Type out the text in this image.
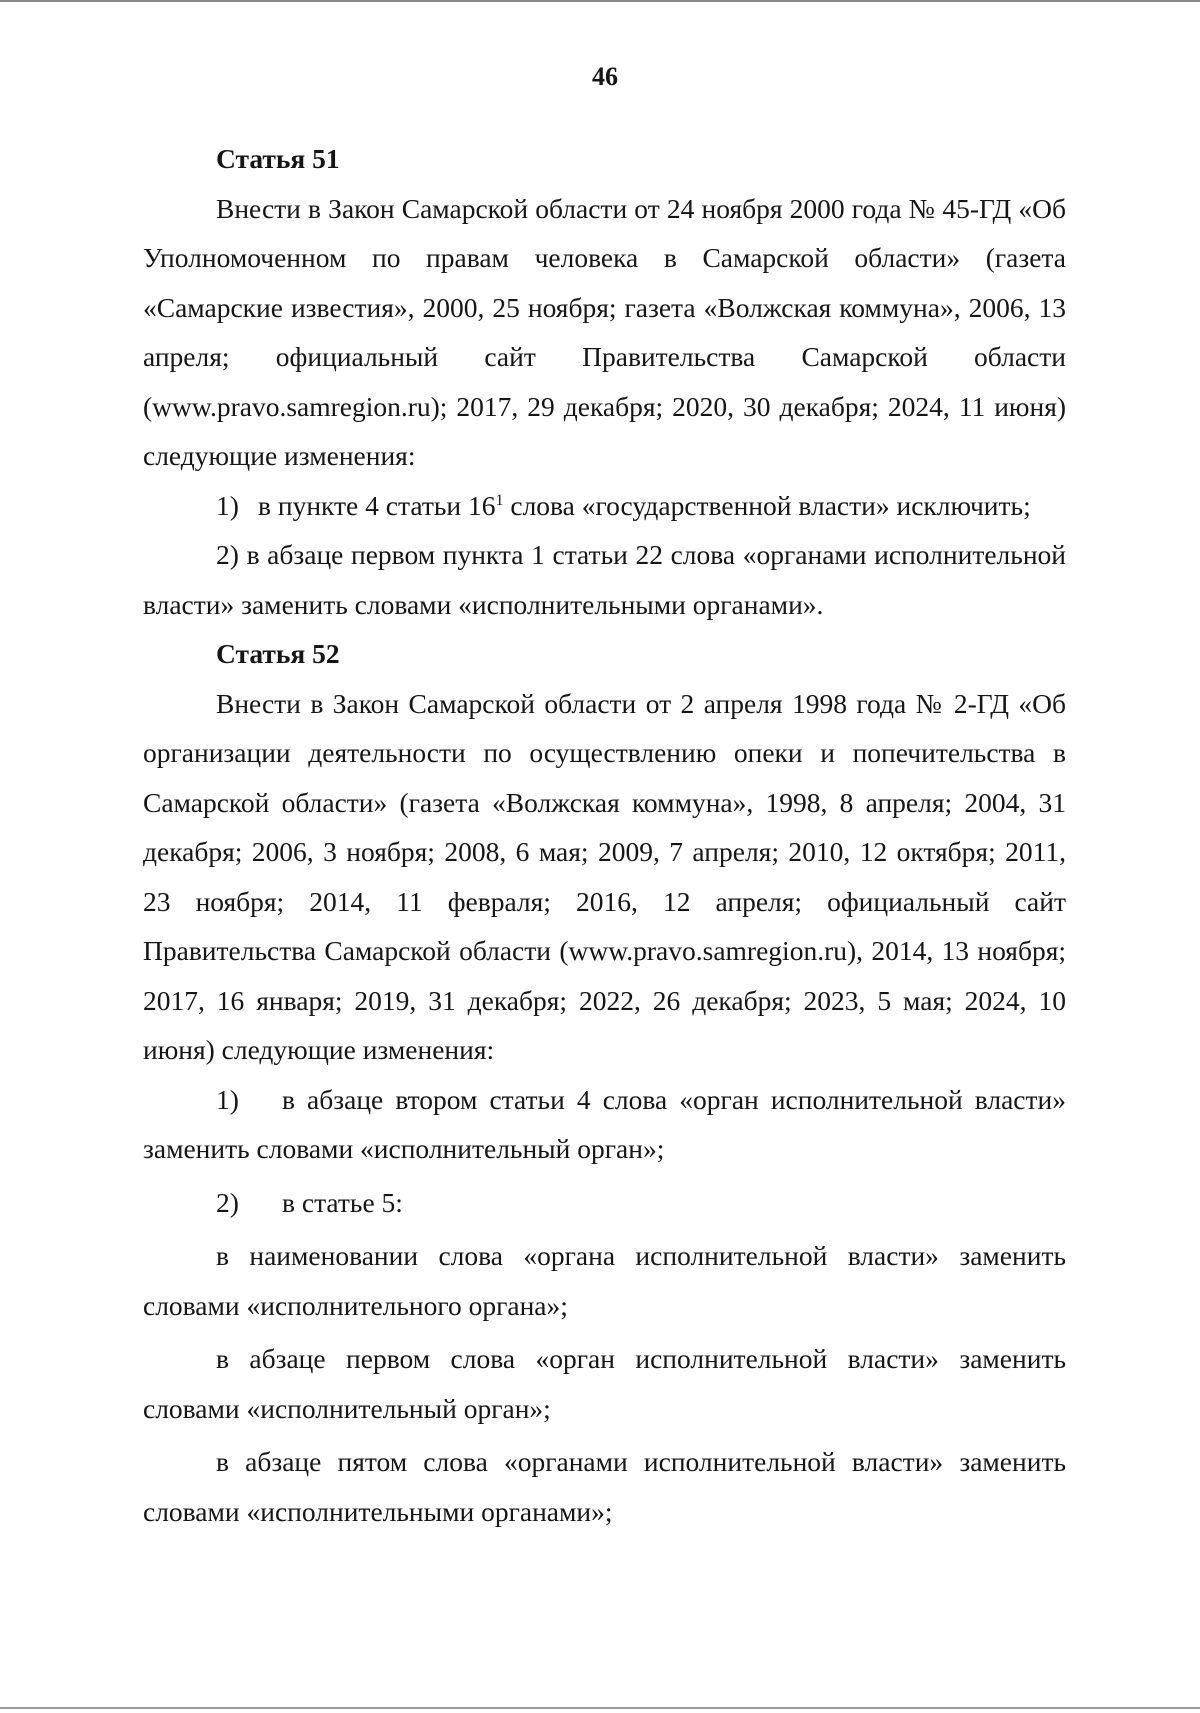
46

Статья 51

Внести в Закон Самарской области от 24 ноября 2000 года № 45-ГД «Об Уполномоченном по правам человека в Самарской области» (газета «Самарские известия», 2000, 25 ноября; газета «Волжская коммуна», 2006, 13 апреля; официальный сайт Правительства Самарской области (www.pravo.samregion.ru); 2017, 29 декабря; 2020, 30 декабря; 2024, 11 июня) следующие изменения:

1) в пункте 4 статьи $16^1$ слова «государственной власти» исключить;

2) в абзаце первом пункта 1 статьи 22 слова «органами исполнительной власти» заменить словами «исполнительными органами».

Статья 52

Внести в Закон Самарской области от 2 апреля 1998 года № 2-ГД «Об организации деятельности по осуществлению опеки и попечительства в Самарской области» (газета «Волжская коммуна», 1998, 8 апреля; 2004, 31 декабря; 2006, 3 ноября; 2008, 6 мая; 2009, 7 апреля; 2010, 12 октября; 2011, 23 ноября; 2014, 11 февраля; 2016, 12 апреля; официальный сайт Правительства Самарской области (www.pravo.samregion.ru), 2014, 13 ноября; 2017, 16 января; 2019, 31 декабря; 2022, 26 декабря; 2023, 5 мая; 2024, 10 июня) следующие изменения:

1) в абзаце втором статьи 4 слова «орган исполнительной власти» заменить словами «исполнительный орган»;

2)	в статье 5:

в наименовании слова «органа исполнительной власти» заменить словами «исполнительного органа»;

в абзаце первом слова «орган исполнительной власти» заменить словами «исполнительный орган»;

в абзаце пятом слова «органами исполнительной власти» заменить словами «исполнительными органами»;
